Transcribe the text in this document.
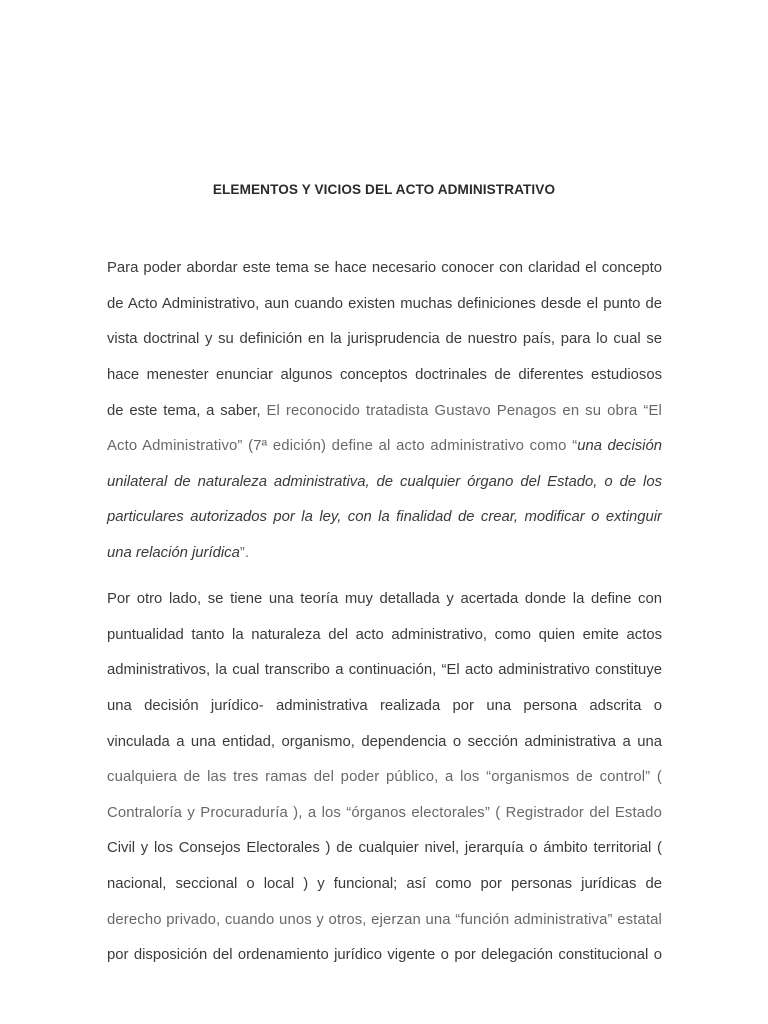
ELEMENTOS Y VICIOS DEL ACTO ADMINISTRATIVO
Para poder abordar este tema se hace necesario conocer con claridad el concepto
de Acto Administrativo, aun cuando existen muchas definiciones desde el punto de
vista doctrinal y su definición en la jurisprudencia de nuestro país, para lo cual se
hace menester enunciar algunos conceptos doctrinales de diferentes estudiosos
de este tema, a saber, El reconocido tratadista Gustavo Penagos en su obra “El
Acto Administrativo” (7ª edición) define al acto administrativo como “una decisión
unilateral de naturaleza administrativa, de cualquier órgano del Estado, o de los
particulares autorizados por la ley, con la finalidad de crear, modificar o extinguir
una relación jurídica”.
Por otro lado, se tiene una teoría muy detallada y acertada donde la define con
puntualidad tanto la naturaleza del acto administrativo, como quien emite actos
administrativos, la cual transcribo a continuación, “El acto administrativo constituye
una decisión jurídico- administrativa realizada por una persona adscrita o
vinculada a una entidad, organismo, dependencia o sección administrativa a una
cualquiera de las tres ramas del poder público, a los “organismos de control” (
Contraloría y Procuraduría ), a los “órganos electorales” ( Registrador del Estado
Civil y los Consejos Electorales ) de cualquier nivel, jerarquía o ámbito territorial (
nacional, seccional o local ) y funcional; así como por personas jurídicas de
derecho privado, cuando unos y otros, ejerzan una “función administrativa” estatal
por disposición del ordenamiento jurídico vigente o por delegación constitucional o
